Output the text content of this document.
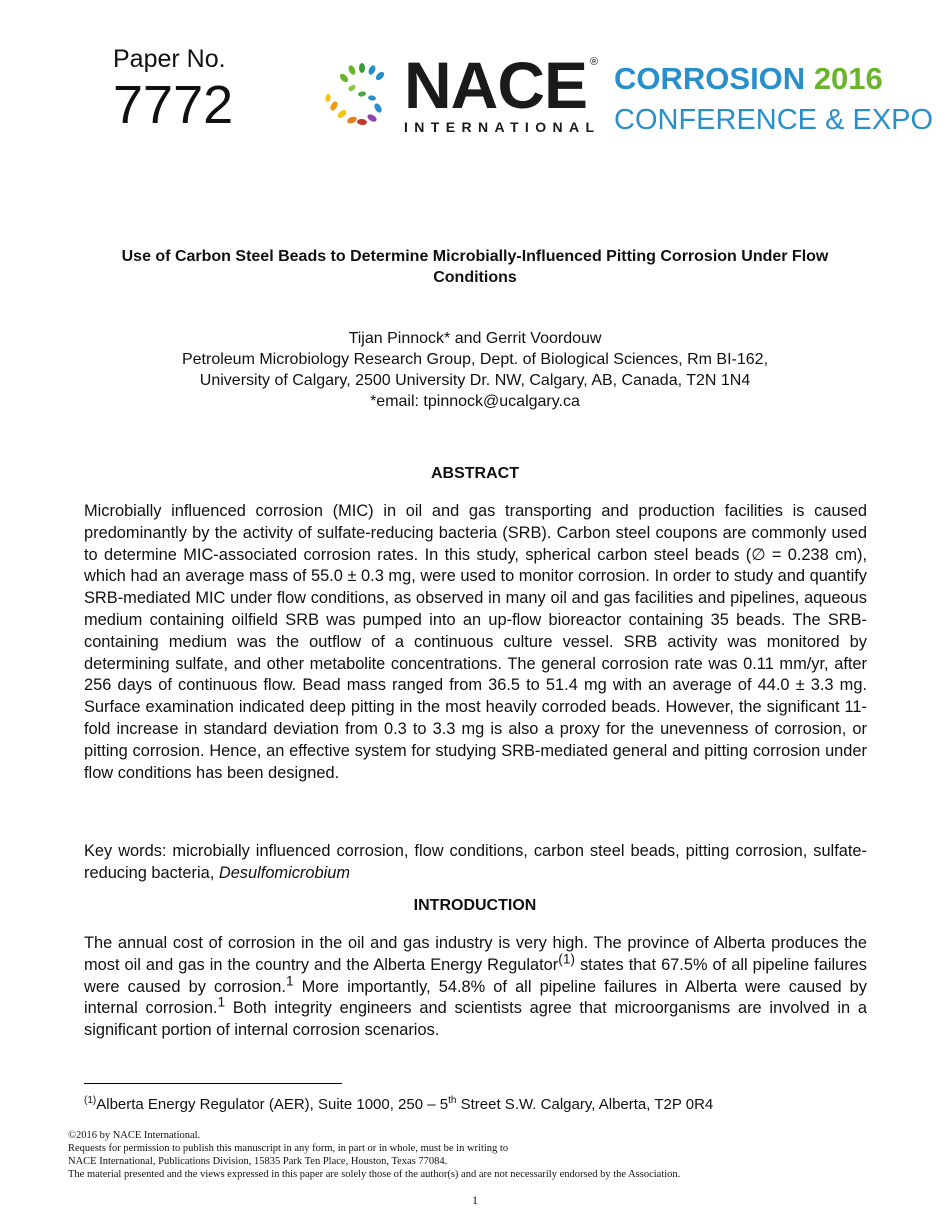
Paper No.
7772	NACE ®
INTERNATIONAL
CORROSION 2016
CONFERENCE & EXPO
Use of Carbon Steel Beads to Determine Microbially-Influenced Pitting Corrosion Under Flow Conditions
Tijan Pinnock* and Gerrit Voordouw
Petroleum Microbiology Research Group, Dept. of Biological Sciences, Rm BI-162,
University of Calgary, 2500 University Dr. NW, Calgary, AB, Canada, T2N 1N4
*email: tpinnock@ucalgary.ca
ABSTRACT
Microbially influenced corrosion (MIC) in oil and gas transporting and production facilities is caused predominantly by the activity of sulfate-reducing bacteria (SRB). Carbon steel coupons are commonly used to determine MIC-associated corrosion rates. In this study, spherical carbon steel beads (∅ = 0.238 cm), which had an average mass of 55.0 ± 0.3 mg, were used to monitor corrosion. In order to study and quantify SRB-mediated MIC under flow conditions, as observed in many oil and gas facilities and pipelines, aqueous medium containing oilfield SRB was pumped into an up-flow bioreactor containing 35 beads. The SRB-containing medium was the outflow of a continuous culture vessel. SRB activity was monitored by determining sulfate, and other metabolite concentrations. The general corrosion rate was 0.11 mm/yr, after 256 days of continuous flow. Bead mass ranged from 36.5 to 51.4 mg with an average of 44.0 ± 3.3 mg. Surface examination indicated deep pitting in the most heavily corroded beads. However, the significant 11-fold increase in standard deviation from 0.3 to 3.3 mg is also a proxy for the unevenness of corrosion, or pitting corrosion. Hence, an effective system for studying SRB-mediated general and pitting corrosion under flow conditions has been designed.
Key words: microbially influenced corrosion, flow conditions, carbon steel beads, pitting corrosion, sulfate-reducing bacteria, Desulfomicrobium
INTRODUCTION
The annual cost of corrosion in the oil and gas industry is very high. The province of Alberta produces the most oil and gas in the country and the Alberta Energy Regulator$^{(1)}$ states that 67.5% of all pipeline failures were caused by corrosion.$^1$ More importantly, 54.8% of all pipeline failures in Alberta were caused by internal corrosion.$^1$ Both integrity engineers and scientists agree that microorganisms are involved in a significant portion of internal corrosion scenarios.
$^{(1)}$Alberta Energy Regulator (AER), Suite 1000, 250 – 5th Street S.W. Calgary, Alberta, T2P 0R4
©2016 by NACE International.
Requests for permission to publish this manuscript in any form, in part or in whole, must be in writing to
NACE International, Publications Division, 15835 Park Ten Place, Houston, Texas 77084.
The material presented and the views expressed in this paper are solely those of the author(s) and are not necessarily endorsed by the Association.
1
